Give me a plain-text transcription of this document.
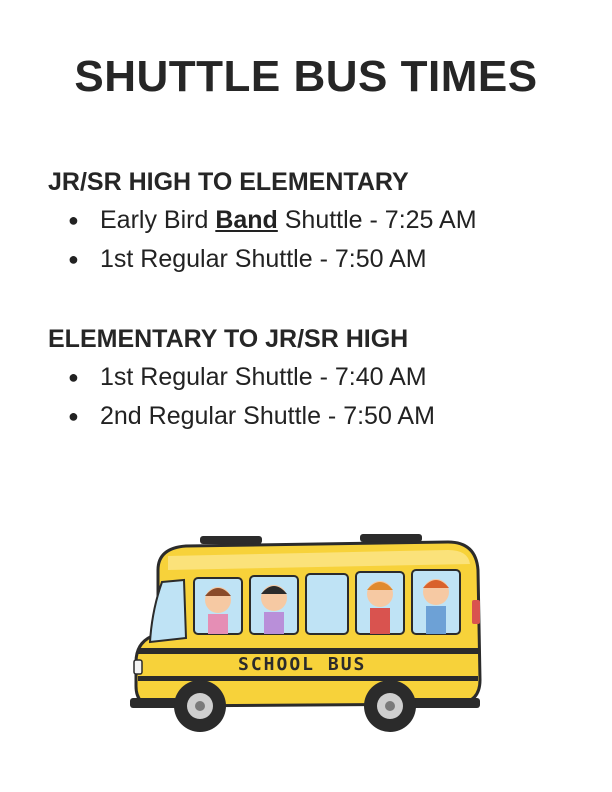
SHUTTLE BUS TIMES
JR/SR HIGH TO ELEMENTARY
● Early Bird Band Shuttle - 7:25 AM
● 1st Regular Shuttle - 7:50 AM
ELEMENTARY TO JR/SR HIGH
● 1st Regular Shuttle - 7:40 AM
● 2nd Regular Shuttle - 7:50 AM
SCHOOL BUS
